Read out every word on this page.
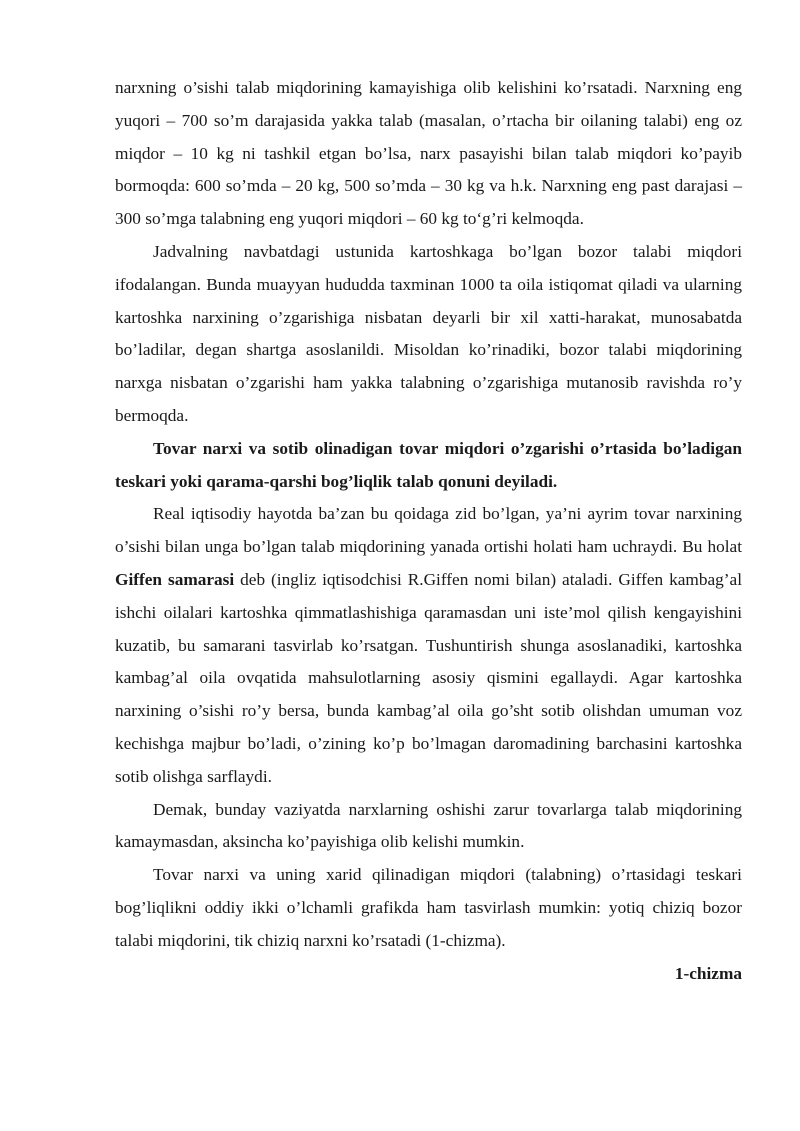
narxning o’sishi talab miqdorining kamayishiga olib kelishini ko’rsatadi. Narxning eng yuqori – 700 so’m darajasida yakka talab (masalan, o’rtacha bir oilaning talabi) eng oz miqdor – 10 kg ni tashkil etgan bo’lsa, narx pasayishi bilan talab miqdori ko’payib bormoqda: 600 so’mda – 20 kg, 500 so’mda – 30 kg va h.k. Narxning eng past darajasi – 300 so’mga talabning eng yuqori miqdori – 60 kg to‘g’ri kelmoqda.

Jadvalning navbatdagi ustunida kartoshkaga bo’lgan bozor talabi miqdori ifodalangan. Bunda muayyan hududda taxminan 1000 ta oila istiqomat qiladi va ularning kartoshka narxining o’zgarishiga nisbatan deyarli bir xil xatti-harakat, munosabatda bo’ladilar, degan shartga asoslanildi. Misoldan ko’rinadiki, bozor talabi miqdorining narxga nisbatan o’zgarishi ham yakka talabning o’zgarishiga mutanosib ravishda ro’y bermoqda.

Tovar narxi va sotib olinadigan tovar miqdori o’zgarishi o’rtasida bo’ladigan teskari yoki qarama-qarshi bog’liqlik talab qonuni deyiladi.

Real iqtisodiy hayotda ba’zan bu qoidaga zid bo’lgan, ya’ni ayrim tovar narxining o’sishi bilan unga bo’lgan talab miqdorining yanada ortishi holati ham uchraydi. Bu holat Giffen samarasi deb (ingliz iqtisodchisi R.Giffen nomi bilan) ataladi. Giffen kambag’al ishchi oilalari kartoshka qimmatlashishiga qaramasdan uni iste’mol qilish kengayishini kuzatib, bu samarani tasvirlab ko’rsatgan. Tushuntirish shunga asoslanadiki, kartoshka kambag’al oila ovqatida mahsulotlarning asosiy qismini egallaydi. Agar kartoshka narxining o’sishi ro’y bersa, bunda kambag’al oila go’sht sotib olishdan umuman voz kechishga majbur bo’ladi, o’zining ko’p bo’lmagan daromadining barchasini kartoshka sotib olishga sarflaydi.

Demak, bunday vaziyatda narxlarning oshishi zarur tovarlarga talab miqdorining kamaymasdan, aksincha ko’payishiga olib kelishi mumkin.

Tovar narxi va uning xarid qilinadigan miqdori (talabning) o’rtasidagi teskari bog’liqlikni oddiy ikki o’lchamli grafikda ham tasvirlash mumkin: yotiq chiziq bozor talabi miqdorini, tik chiziq narxni ko’rsatadi (1-chizma).

1-chizma
